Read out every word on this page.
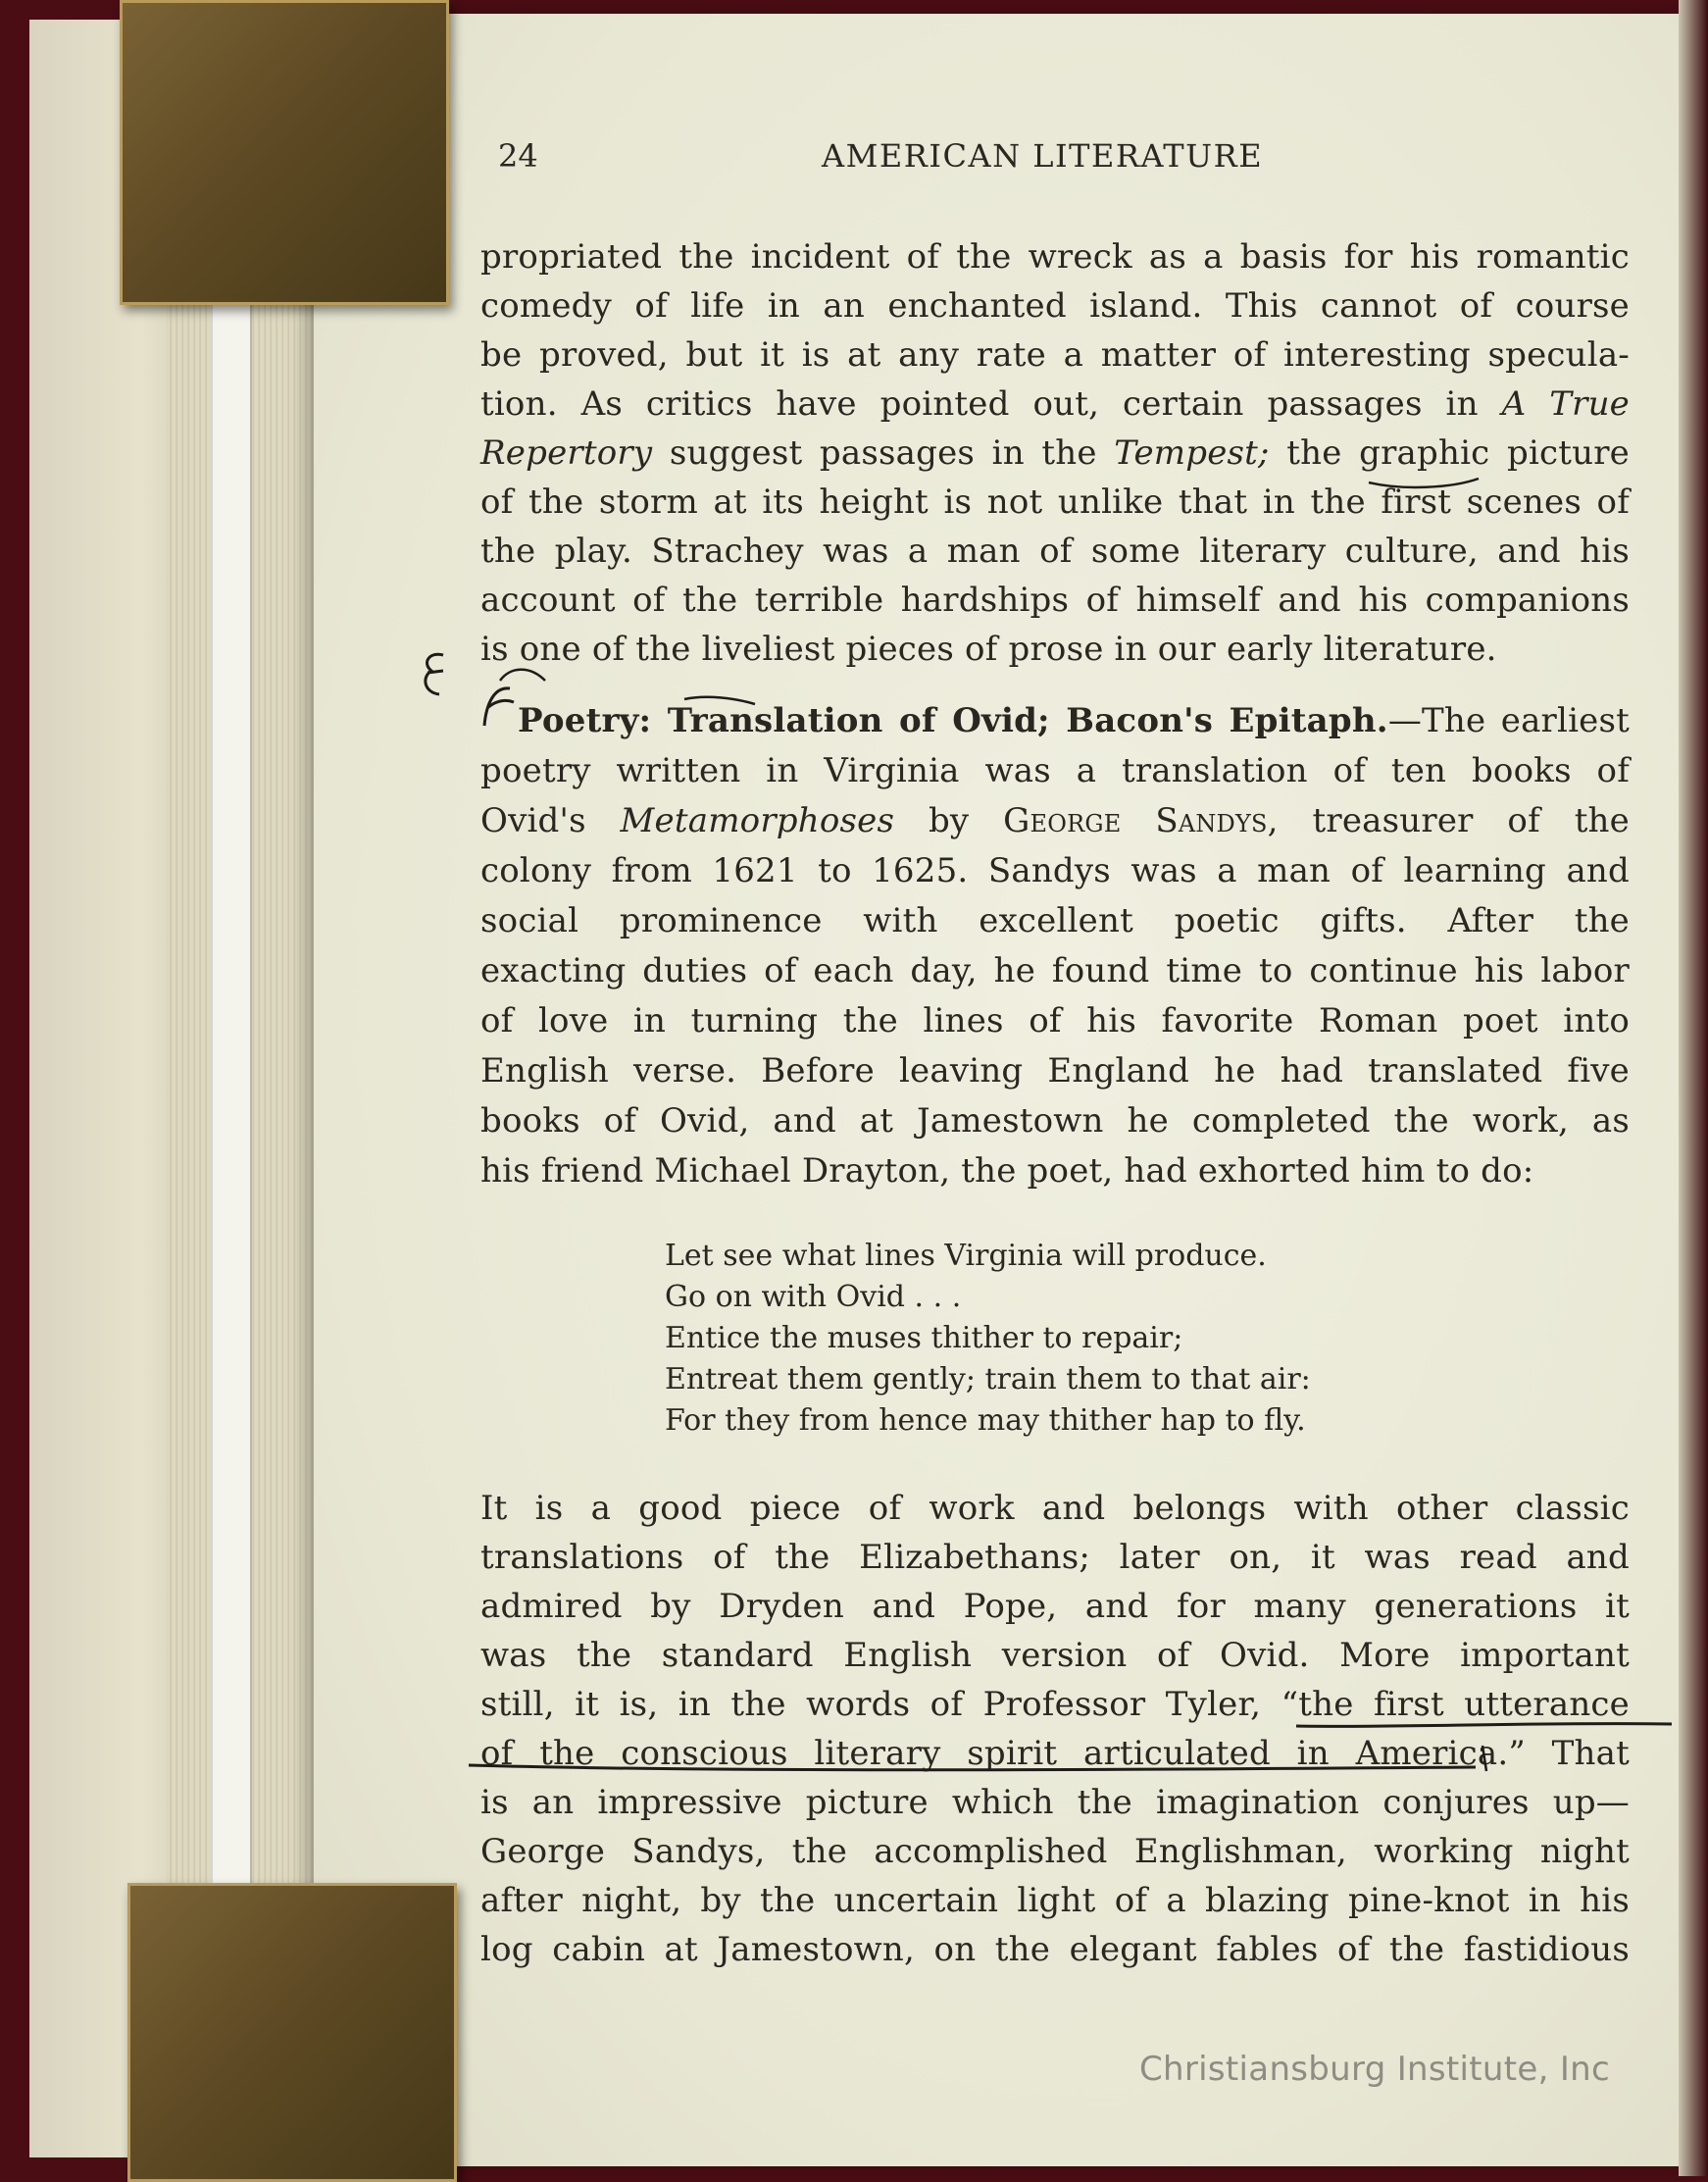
24	AMERICAN LITERATURE
propriated the incident of the wreck as a basis for his romantic
comedy of life in an enchanted island. This cannot of course
be proved, but it is at any rate a matter of interesting specula-
tion. As critics have pointed out, certain passages in A True
Repertory suggest passages in the Tempest; the graphic picture
of the storm at its height is not unlike that in the first scenes of
the play. Strachey was a man of some literary culture, and his
account of the terrible hardships of himself and his companions
is one of the liveliest pieces of prose in our early literature.
Poetry: Translation of Ovid; Bacon's Epitaph.—The earliest
poetry written in Virginia was a translation of ten books of
Ovid's Metamorphoses by George Sandys, treasurer of the
colony from 1621 to 1625. Sandys was a man of learning and
social prominence with excellent poetic gifts. After the
exacting duties of each day, he found time to continue his labor
of love in turning the lines of his favorite Roman poet into
English verse. Before leaving England he had translated five
books of Ovid, and at Jamestown he completed the work, as
his friend Michael Drayton, the poet, had exhorted him to do:
Let see what lines Virginia will produce.
Go on with Ovid . . .
Entice the muses thither to repair;
Entreat them gently; train them to that air:
For they from hence may thither hap to fly.
It is a good piece of work and belongs with other classic
translations of the Elizabethans; later on, it was read and
admired by Dryden and Pope, and for many generations it
was the standard English version of Ovid. More important
still, it is, in the words of Professor Tyler, “the first utterance
of the conscious literary spirit articulated in America.” That
is an impressive picture which the imagination conjures up—
George Sandys, the accomplished Englishman, working night
after night, by the uncertain light of a blazing pine-knot in his
log cabin at Jamestown, on the elegant fables of the fastidious
Christiansburg Institute, Inc
